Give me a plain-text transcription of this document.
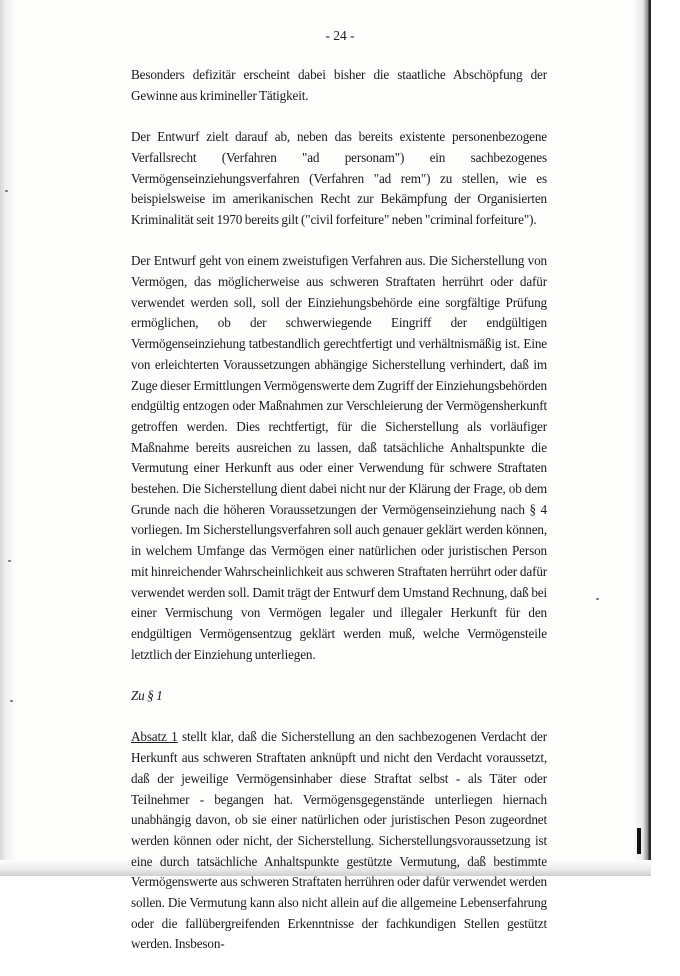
- 24 -

Besonders defizitär erscheint dabei bisher die staatliche Abschöpfung der Gewinne aus krimineller Tätigkeit.

Der Entwurf zielt darauf ab, neben das bereits existente personenbezogene Verfallsrecht (Verfahren "ad personam") ein sachbezogenes Vermögenseinziehungsverfahren (Verfahren "ad rem") zu stellen, wie es beispielsweise im amerikanischen Recht zur Bekämpfung der Organisierten Kriminalität seit 1970 bereits gilt ("civil forfeiture" neben "criminal forfeiture").

Der Entwurf geht von einem zweistufigen Verfahren aus. Die Sicherstellung von Vermögen, das möglicherweise aus schweren Straftaten herrührt oder dafür verwendet werden soll, soll der Einziehungsbehörde eine sorgfältige Prüfung ermöglichen, ob der schwerwiegende Eingriff der endgültigen Vermögenseinziehung tatbestandlich gerechtfertigt und verhältnismäßig ist. Eine von erleichterten Voraussetzungen abhängige Sicherstellung verhindert, daß im Zuge dieser Ermittlungen Vermögenswerte dem Zugriff der Einziehungsbehörden endgültig entzogen oder Maßnahmen zur Verschleierung der Vermögensherkunft getroffen werden. Dies rechtfertigt, für die Sicherstellung als vorläufiger Maßnahme bereits ausreichen zu lassen, daß tatsächliche Anhaltspunkte die Vermutung einer Herkunft aus oder einer Verwendung für schwere Straftaten bestehen. Die Sicherstellung dient dabei nicht nur der Klärung der Frage, ob dem Grunde nach die höheren Voraussetzungen der Vermögenseinziehung nach § 4 vorliegen. Im Sicherstellungsverfahren soll auch genauer geklärt werden können, in welchem Umfange das Vermögen einer natürlichen oder juristischen Person mit hinreichender Wahrscheinlichkeit aus schweren Straftaten herrührt oder dafür verwendet werden soll. Damit trägt der Entwurf dem Umstand Rechnung, daß bei einer Vermischung von Vermögen legaler und illegaler Herkunft für den endgültigen Vermögensentzug geklärt werden muß, welche Vermögensteile letztlich der Einziehung unterliegen.

Zu § 1

Absatz 1 stellt klar, daß die Sicherstellung an den sachbezogenen Verdacht der Herkunft aus schweren Straftaten anknüpft und nicht den Verdacht voraussetzt, daß der jeweilige Vermögensinhaber diese Straftat selbst - als Täter oder Teilnehmer - begangen hat. Vermögensgegenstände unterliegen hiernach unabhängig davon, ob sie einer natürlichen oder juristischen Peson zugeordnet werden können oder nicht, der Sicherstellung. Sicherstellungsvoraussetzung ist eine durch tatsächliche Anhaltspunkte gestützte Vermutung, daß bestimmte Vermögenswerte aus schweren Straftaten herrühren oder dafür verwendet werden sollen. Die Vermutung kann also nicht allein auf die allgemeine Lebenserfahrung oder die fallübergreifenden Erkenntnisse der fachkundigen Stellen gestützt werden. Insbeson-
